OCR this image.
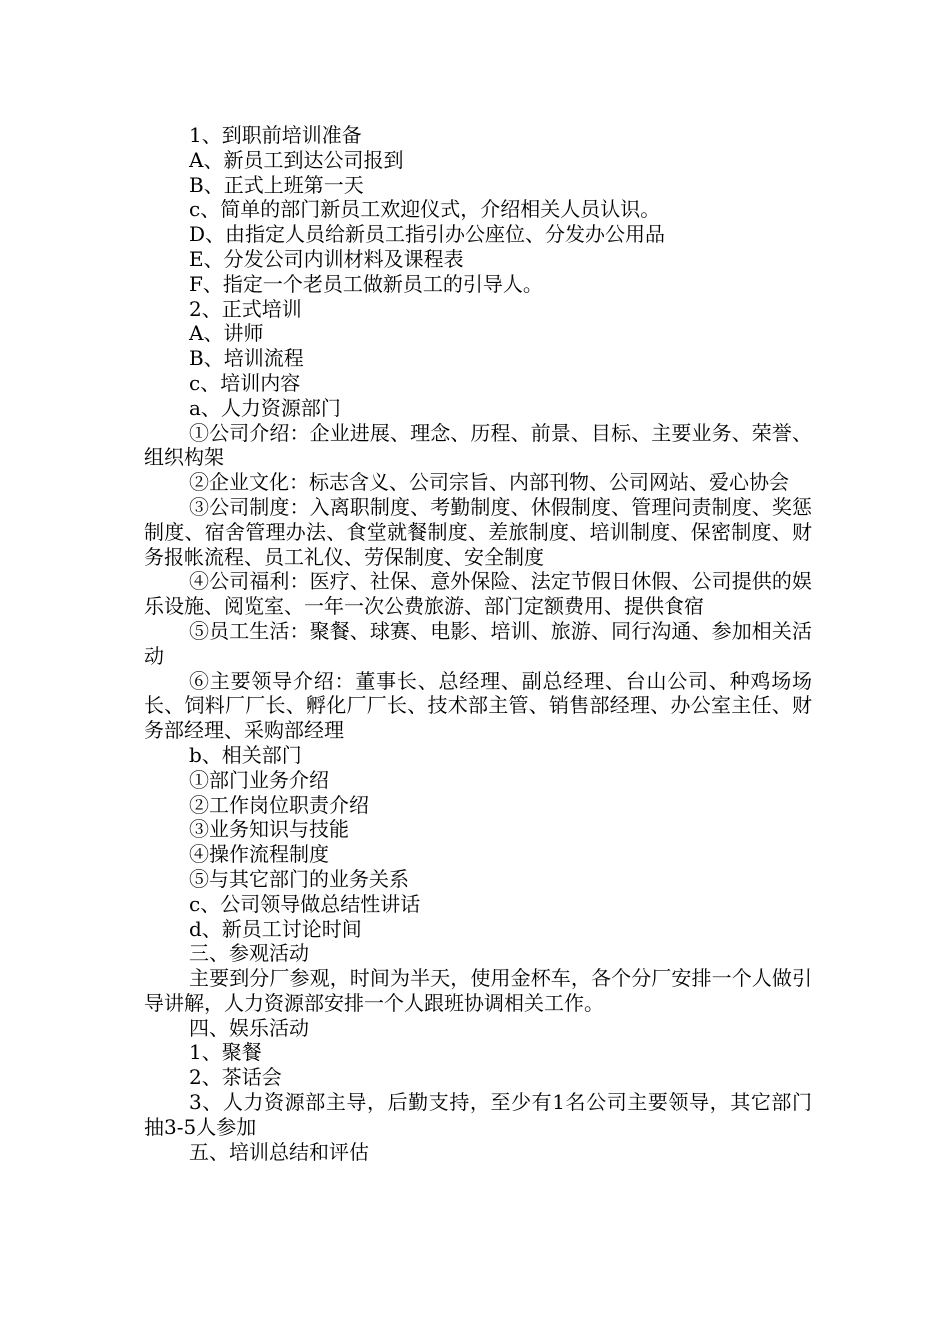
1、到职前培训准备

A、新员工到达公司报到

B、正式上班第一天

c、简单的部门新员工欢迎仪式，介绍相关人员认识。

D、由指定人员给新员工指引办公座位、分发办公用品

E、分发公司内训材料及课程表

F、指定一个老员工做新员工的引导人。

2、正式培训

A、讲师

B、培训流程

c、培训内容

a、人力资源部门

①公司介绍：企业进展、理念、历程、前景、目标、主要业务、荣誉、组织构架

②企业文化：标志含义、公司宗旨、内部刊物、公司网站、爱心协会

③公司制度：入离职制度、考勤制度、休假制度、管理问责制度、奖惩制度、宿舍管理办法、食堂就餐制度、差旅制度、培训制度、保密制度、财务报帐流程、员工礼仪、劳保制度、安全制度

④公司福利：医疗、社保、意外保险、法定节假日休假、公司提供的娱乐设施、阅览室、一年一次公费旅游、部门定额费用、提供食宿

⑤员工生活：聚餐、球赛、电影、培训、旅游、同行沟通、参加相关活动

⑥主要领导介绍：董事长、总经理、副总经理、台山公司、种鸡场场长、饲料厂厂长、孵化厂厂长、技术部主管、销售部经理、办公室主任、财务部经理、采购部经理

b、相关部门

①部门业务介绍

②工作岗位职责介绍

③业务知识与技能

④操作流程制度

⑤与其它部门的业务关系

c、公司领导做总结性讲话

d、新员工讨论时间

三、参观活动

主要到分厂参观，时间为半天，使用金杯车，各个分厂安排一个人做引导讲解，人力资源部安排一个人跟班协调相关工作。

四、娱乐活动

1、聚餐

2、茶话会

3、人力资源部主导，后勤支持，至少有1名公司主要领导，其它部门抽3-5人参加

五、培训总结和评估
